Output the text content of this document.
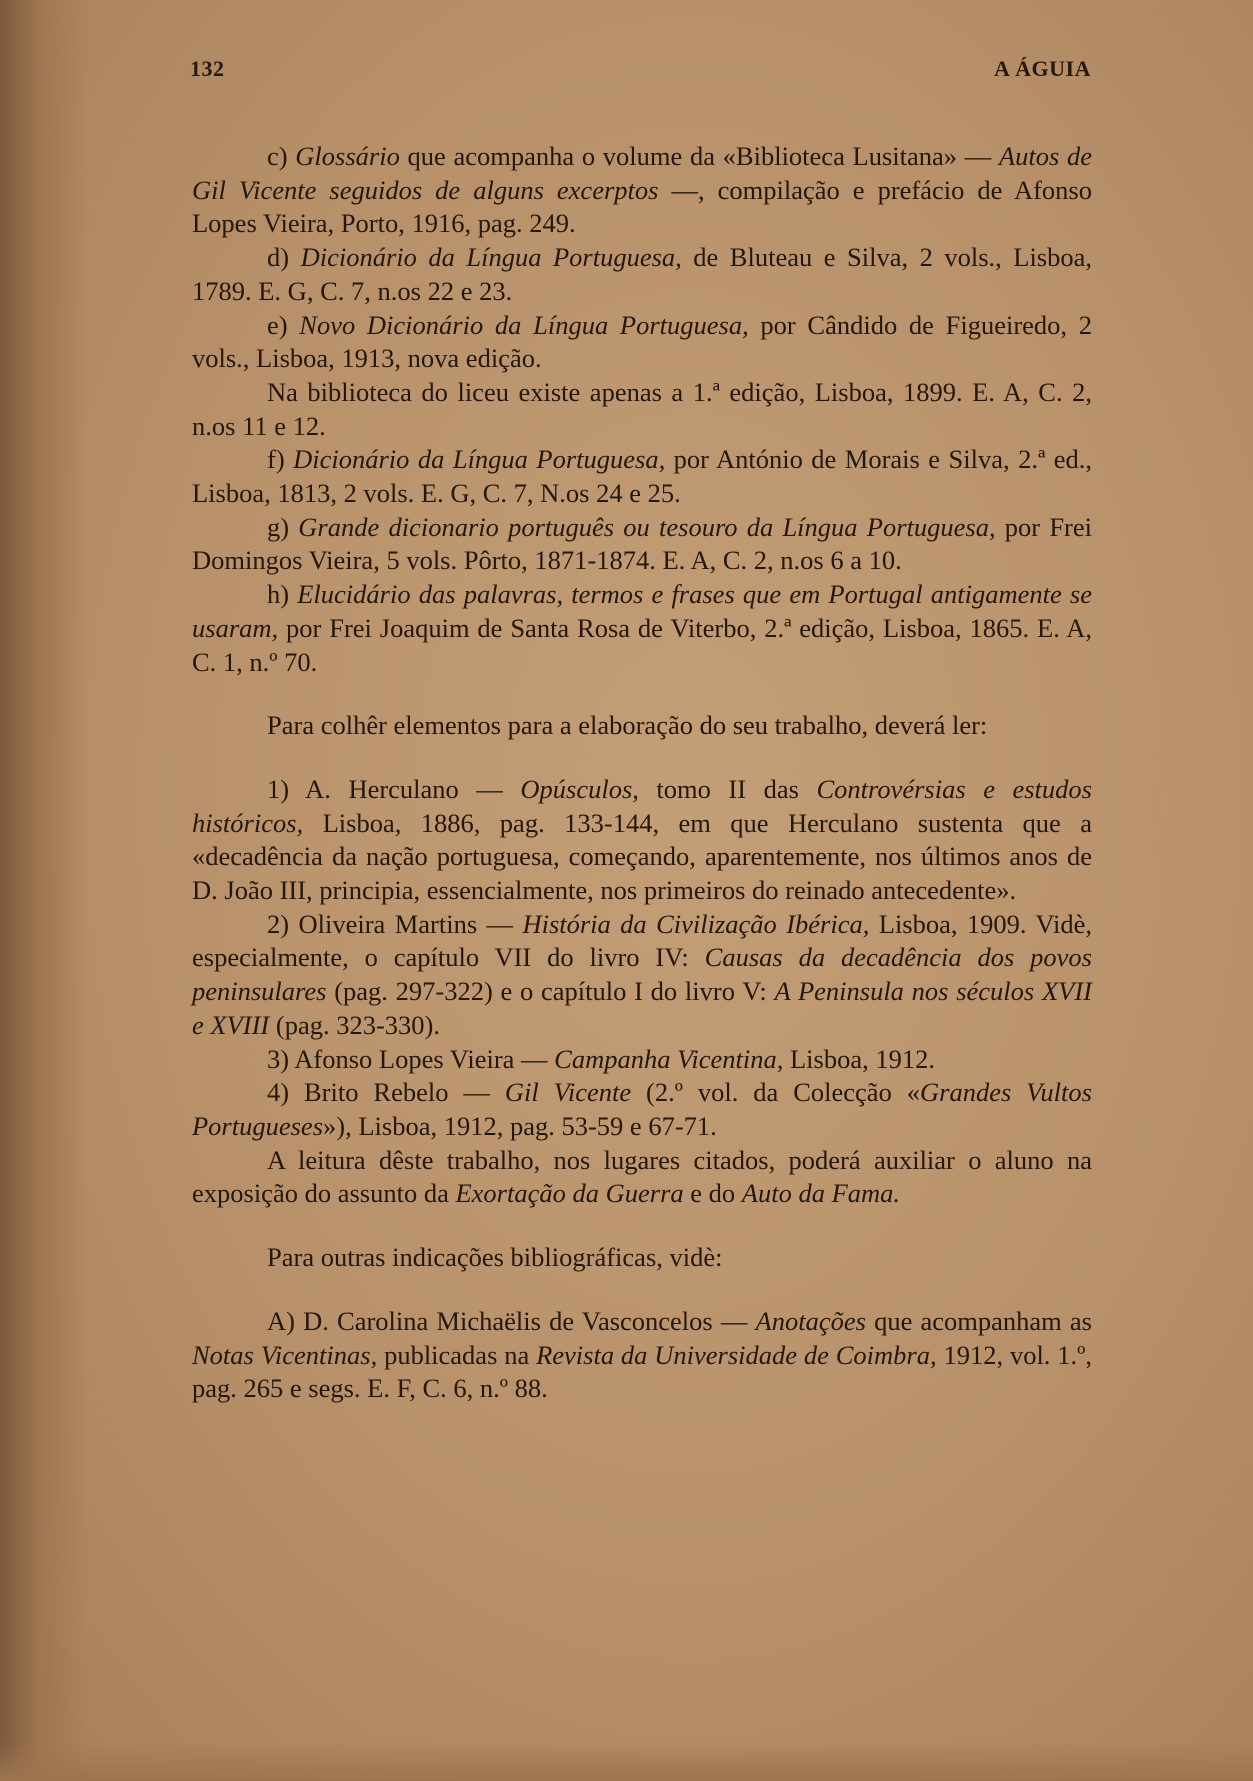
132	A ÁGUIA

c) Glossário que acompanha o volume da «Biblioteca Lusitana» — Autos de Gil Vicente seguidos de alguns excerptos —, compilação e prefácio de Afonso Lopes Vieira, Porto, 1916, pag. 249.

d) Dicionário da Língua Portuguesa, de Bluteau e Silva, 2 vols., Lisboa, 1789. E. G, C. 7, n.os 22 e 23.

e) Novo Dicionário da Língua Portuguesa, por Cândido de Figueiredo, 2 vols., Lisboa, 1913, nova edição.

Na biblioteca do liceu existe apenas a 1.ª edição, Lisboa, 1899. E. A, C. 2, n.os 11 e 12.

f) Dicionário da Língua Portuguesa, por António de Morais e Silva, 2.ª ed., Lisboa, 1813, 2 vols. E. G, C. 7, N.os 24 e 25.

g) Grande dicionario português ou tesouro da Língua Portuguesa, por Frei Domingos Vieira, 5 vols. Pôrto, 1871-1874. E. A, C. 2, n.os 6 a 10.

h) Elucidário das palavras, termos e frases que em Portugal antigamente se usaram, por Frei Joaquim de Santa Rosa de Viterbo, 2.ª edição, Lisboa, 1865. E. A, C. 1, n.º 70.

Para colhêr elementos para a elaboração do seu trabalho, deverá ler:

1) A. Herculano — Opúsculos, tomo II das Controvérsias e estudos históricos, Lisboa, 1886, pag. 133-144, em que Herculano sustenta que a «decadência da nação portuguesa, começando, aparentemente, nos últimos anos de D. João III, principia, essencialmente, nos primeiros do reinado antecedente».

2) Oliveira Martins — História da Civilização Ibérica, Lisboa, 1909. Vidè, especialmente, o capítulo VII do livro IV: Causas da decadência dos povos peninsulares (pag. 297-322) e o capítulo I do livro V: A Peninsula nos séculos XVII e XVIII (pag. 323-330).

3) Afonso Lopes Vieira — Campanha Vicentina, Lisboa, 1912.

4) Brito Rebelo — Gil Vicente (2.º vol. da Colecção «Grandes Vultos Portugueses»), Lisboa, 1912, pag. 53-59 e 67-71.

A leitura dêste trabalho, nos lugares citados, poderá auxiliar o aluno na exposição do assunto da Exortação da Guerra e do Auto da Fama.

Para outras indicações bibliográficas, vidè:

A) D. Carolina Michaëlis de Vasconcelos — Anotações que acompanham as Notas Vicentinas, publicadas na Revista da Universidade de Coimbra, 1912, vol. 1.º, pag. 265 e segs. E. F, C. 6, n.º 88.
